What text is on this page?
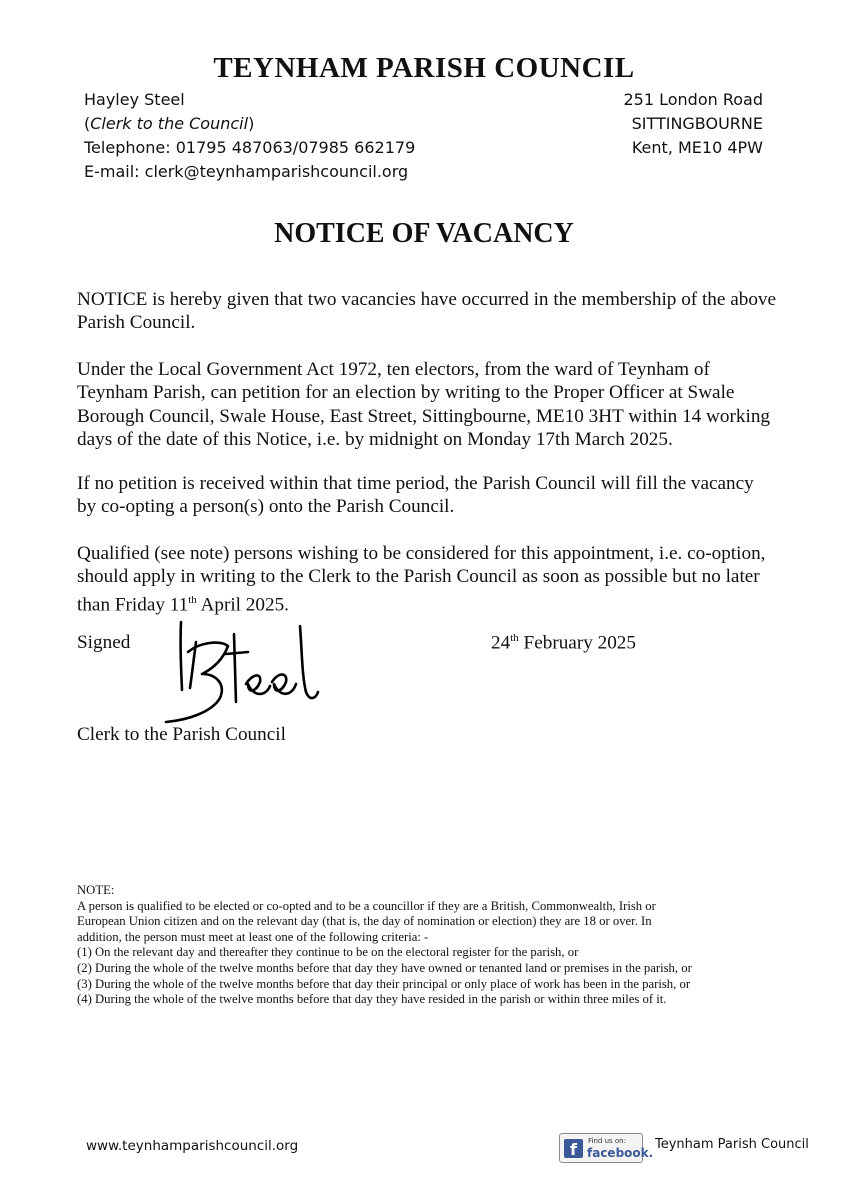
TEYNHAM PARISH COUNCIL
Hayley Steel
(Clerk to the Council)
Telephone: 01795 487063/07985 662179
E-mail: clerk@teynhamparishcouncil.org
251 London Road
SITTINGBOURNE
Kent, ME10 4PW
NOTICE OF VACANCY
NOTICE is hereby given that two vacancies have occurred in the membership of the above Parish Council.
Under the Local Government Act 1972, ten electors, from the ward of Teynham of Teynham Parish, can petition for an election by writing to the Proper Officer at Swale Borough Council, Swale House, East Street, Sittingbourne, ME10 3HT within 14 working days of the date of this Notice, i.e. by midnight on Monday 17th March 2025.
If no petition is received within that time period, the Parish Council will fill the vacancy by co-opting a person(s) onto the Parish Council.
Qualified (see note) persons wishing to be considered for this appointment, i.e. co-option, should apply in writing to the Clerk to the Parish Council as soon as possible but no later than Friday 11th April 2025.
Signed	24th February 2025
Clerk to the Parish Council
NOTE:
A person is qualified to be elected or co-opted and to be a councillor if they are a British, Commonwealth, Irish or
European Union citizen and on the relevant day (that is, the day of nomination or election) they are 18 or over. In
addition, the person must meet at least one of the following criteria: -
(1) On the relevant day and thereafter they continue to be on the electoral register for the parish, or
(2) During the whole of the twelve months before that day they have owned or tenanted land or premises in the parish, or
(3) During the whole of the twelve months before that day their principal or only place of work has been in the parish, or
(4) During the whole of the twelve months before that day they have resided in the parish or within three miles of it.
www.teynhamparishcouncil.org	f	Find us on:
facebook.
Teynham Parish Council
